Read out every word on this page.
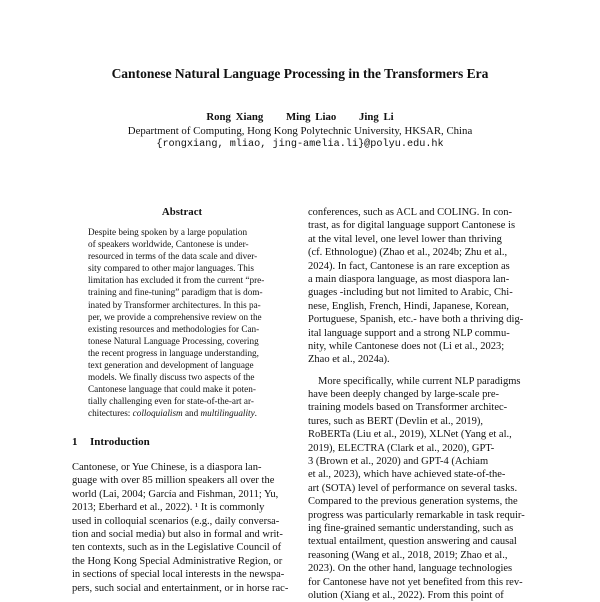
Cantonese Natural Language Processing in the Transformers Era
Rong Xiang Ming Liao Jing Li
Department of Computing, Hong Kong Polytechnic University, HKSAR, China
{rongxiang, mliao, jing-amelia.li}@polyu.edu.hk
Abstract
Despite being spoken by a large population
of speakers worldwide, Cantonese is under-
resourced in terms of the data scale and diver-
sity compared to other major languages. This
limitation has excluded it from the current “pre-
training and fine-tuning” paradigm that is dom-
inated by Transformer architectures. In this pa-
per, we provide a comprehensive review on the
existing resources and methodologies for Can-
tonese Natural Language Processing, covering
the recent progress in language understanding,
text generation and development of language
models. We finally discuss two aspects of the
Cantonese language that could make it poten-
tially challenging even for state-of-the-art ar-
chitectures: colloquialism and multilinguality.
1 Introduction
Cantonese, or Yue Chinese, is a diaspora lan-
guage with over 85 million speakers all over the
world (Lai, 2004; García and Fishman, 2011; Yu,
2013; Eberhard et al., 2022). ¹ It is commonly
used in colloquial scenarios (e.g., daily conversa-
tion and social media) but also in formal and writ-
ten contexts, such as in the Legislative Council of
the Hong Kong Special Administrative Region, or
in sections of special local interests in the newspa-
pers, such social and entertainment, or in horse rac-
conferences, such as ACL and COLING. In con-
trast, as for digital language support Cantonese is
at the vital level, one level lower than thriving
(cf. Ethnologue) (Zhao et al., 2024b; Zhu et al.,
2024). In fact, Cantonese is an rare exception as
a main diaspora language, as most diaspora lan-
guages -including but not limited to Arabic, Chi-
nese, English, French, Hindi, Japanese, Korean,
Portuguese, Spanish, etc.- have both a thriving dig-
ital language support and a strong NLP commu-
nity, while Cantonese does not (Li et al., 2023;
Zhao et al., 2024a).
More specifically, while current NLP paradigms
have been deeply changed by large-scale pre-
training models based on Transformer architec-
tures, such as BERT (Devlin et al., 2019),
RoBERTa (Liu et al., 2019), XLNet (Yang et al.,
2019), ELECTRA (Clark et al., 2020), GPT-
3 (Brown et al., 2020) and GPT-4 (Achiam
et al., 2023), which have achieved state-of-the-
art (SOTA) level of performance on several tasks.
Compared to the previous generation systems, the
progress was particularly remarkable in task requir-
ing fine-grained semantic understanding, such as
textual entailment, question answering and causal
reasoning (Wang et al., 2018, 2019; Zhao et al.,
2023). On the other hand, language technologies
for Cantonese have not yet benefited from this rev-
olution (Xiang et al., 2022). From this point of
